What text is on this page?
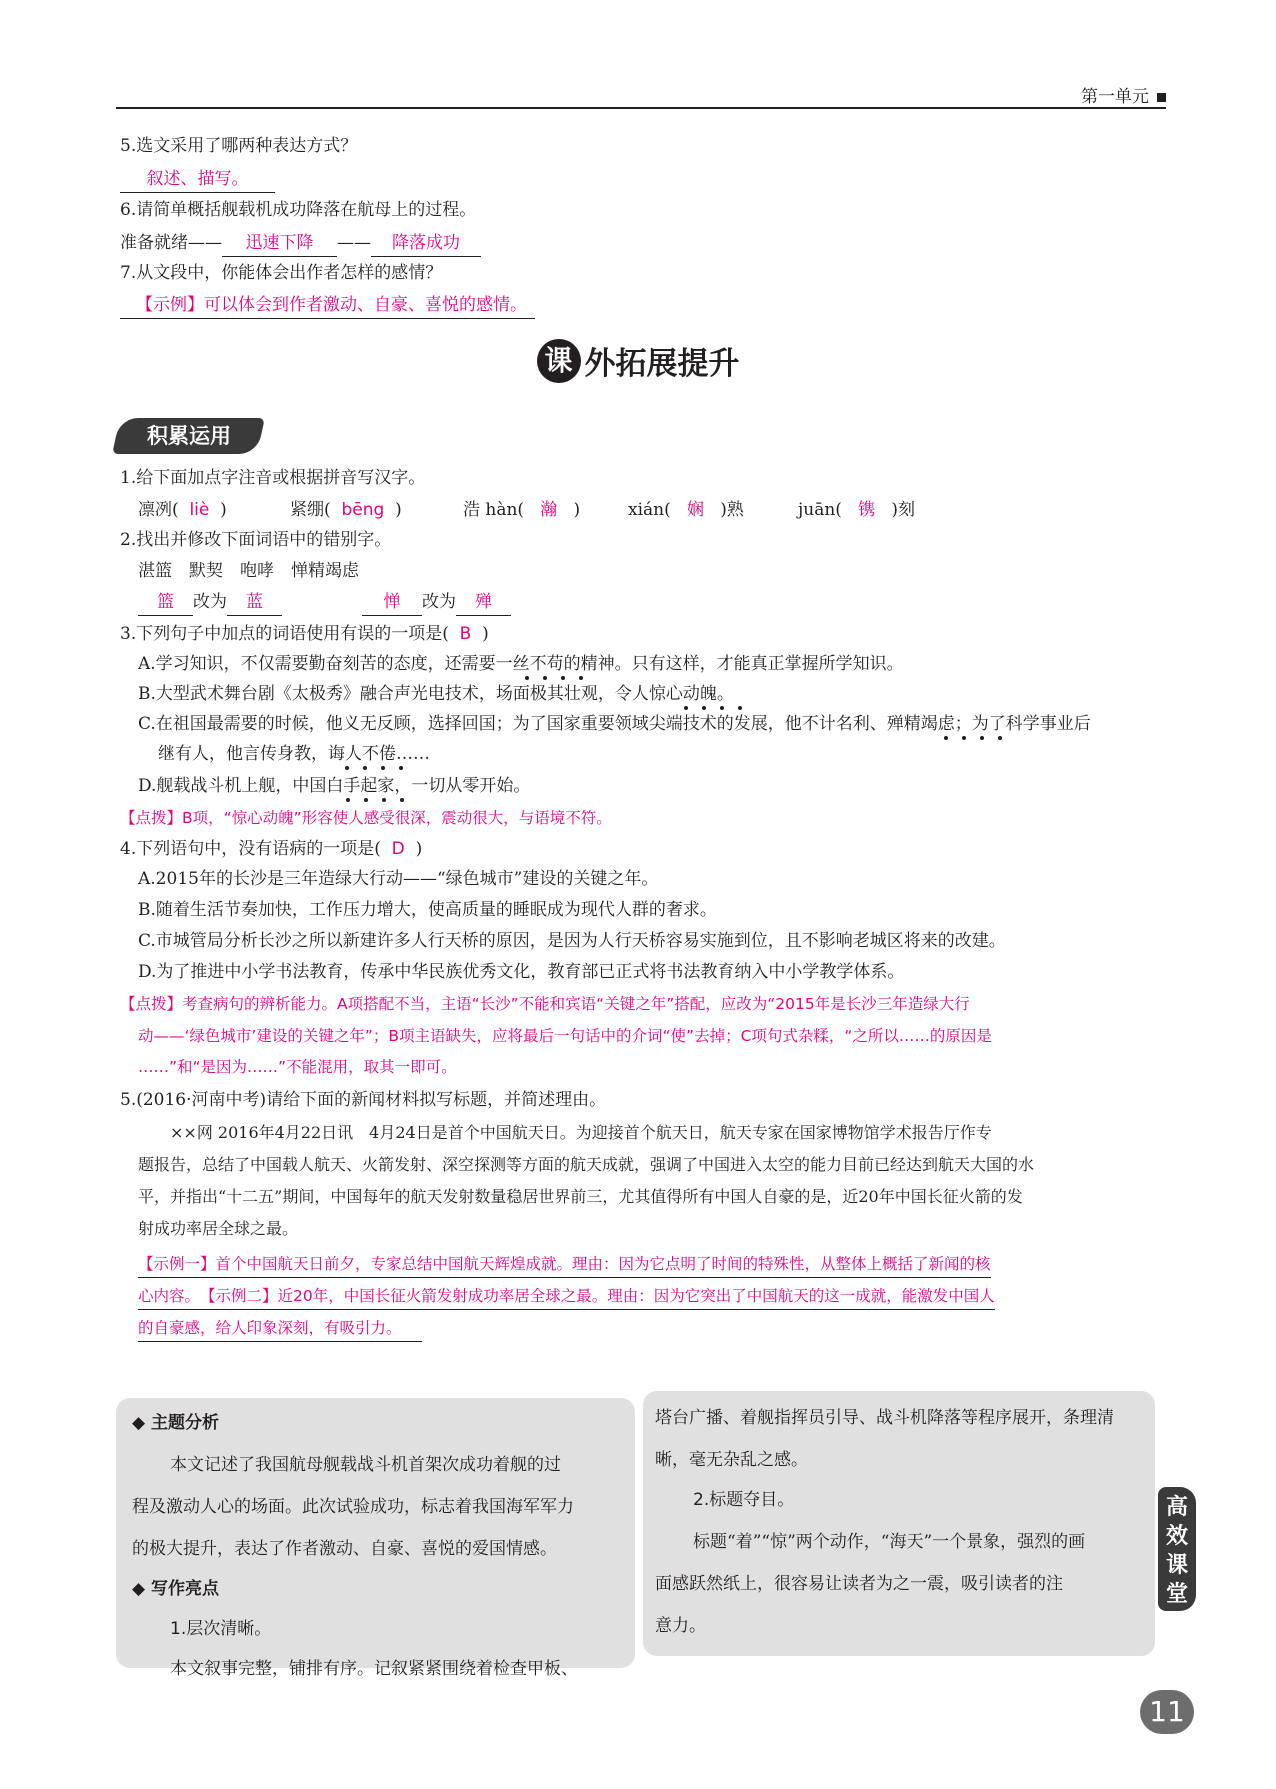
第一单元
5.选文采用了哪两种表达方式？
叙述、描写。
6.请简单概括舰载机成功降落在航母上的过程。
准备就绪—— 迅速下降 —— 降落成功
7.从文段中，你能体会出作者怎样的感情？
【示例】可以体会到作者激动、自豪、喜悦的感情。
课 外拓展提升
积累运用
1.给下面加点字注音或根据拼音写汉字。
凛冽( liè )	紧绷( bēng )	浩 hàn( 瀚 )	xián( 娴 )熟	juān( 镌 )刻
2.找出并修改下面词语中的错别字。
湛篮　默契　咆哮　惮精竭虑
篮 改为 蓝	惮 改为 殚
3.下列句子中加点的词语使用有误的一项是( B )
A.学习知识，不仅需要勤奋刻苦的态度，还需要一丝不苟的精神。只有这样，才能真正掌握所学知识。
B.大型武术舞台剧《太极秀》融合声光电技术，场面极其壮观，令人惊心动魄。
C.在祖国最需要的时候，他义无反顾，选择回国；为了国家重要领域尖端技术的发展，他不计名利、殚精竭虑；为了科学事业后
继有人，他言传身教，诲人不倦……
D.舰载战斗机上舰，中国白手起家，一切从零开始。
【点拨】B项，“惊心动魄”形容使人感受很深，震动很大，与语境不符。
4.下列语句中，没有语病的一项是( D )
A.2015年的长沙是三年造绿大行动——“绿色城市”建设的关键之年。
B.随着生活节奏加快，工作压力增大，使高质量的睡眠成为现代人群的奢求。
C.市城管局分析长沙之所以新建许多人行天桥的原因，是因为人行天桥容易实施到位，且不影响老城区将来的改建。
D.为了推进中小学书法教育，传承中华民族优秀文化，教育部已正式将书法教育纳入中小学教学体系。
【点拨】考查病句的辨析能力。A项搭配不当，主语“长沙”不能和宾语“关键之年”搭配，应改为“2015年是长沙三年造绿大行
动——‘绿色城市’建设的关键之年”；B项主语缺失，应将最后一句话中的介词“使”去掉；C项句式杂糅，“之所以……的原因是
……”和“是因为……”不能混用，取其一即可。
5.(2016·河南中考)请给下面的新闻材料拟写标题，并简述理由。
××网 2016年4月22日讯　4月24日是首个中国航天日。为迎接首个航天日，航天专家在国家博物馆学术报告厅作专
题报告，总结了中国载人航天、火箭发射、深空探测等方面的航天成就，强调了中国进入太空的能力目前已经达到航天大国的水
平，并指出“十二五”期间，中国每年的航天发射数量稳居世界前三，尤其值得所有中国人自豪的是，近20年中国长征火箭的发
射成功率居全球之最。
【示例一】首个中国航天日前夕，专家总结中国航天辉煌成就。理由：因为它点明了时间的特殊性，从整体上概括了新闻的核
心内容。　【示例二】近20年，中国长征火箭发射成功率居全球之最。理由：因为它突出了中国航天的这一成就，能激发中国人
的自豪感，给人印象深刻，有吸引力。
◆ 主题分析
本文记述了我国航母舰载战斗机首架次成功着舰的过
程及激动人心的场面。此次试验成功，标志着我国海军军力
的极大提升，表达了作者激动、自豪、喜悦的爱国情感。
◆ 写作亮点
1.层次清晰。
本文叙事完整，铺排有序。记叙紧紧围绕着检查甲板、
塔台广播、着舰指挥员引导、战斗机降落等程序展开，条理清
晰，毫无杂乱之感。
2.标题夺目。
标题“着”“惊”两个动作，“海天”一个景象，强烈的画
面感跃然纸上，很容易让读者为之一震，吸引读者的注
意力。
高
效
课
堂
11
